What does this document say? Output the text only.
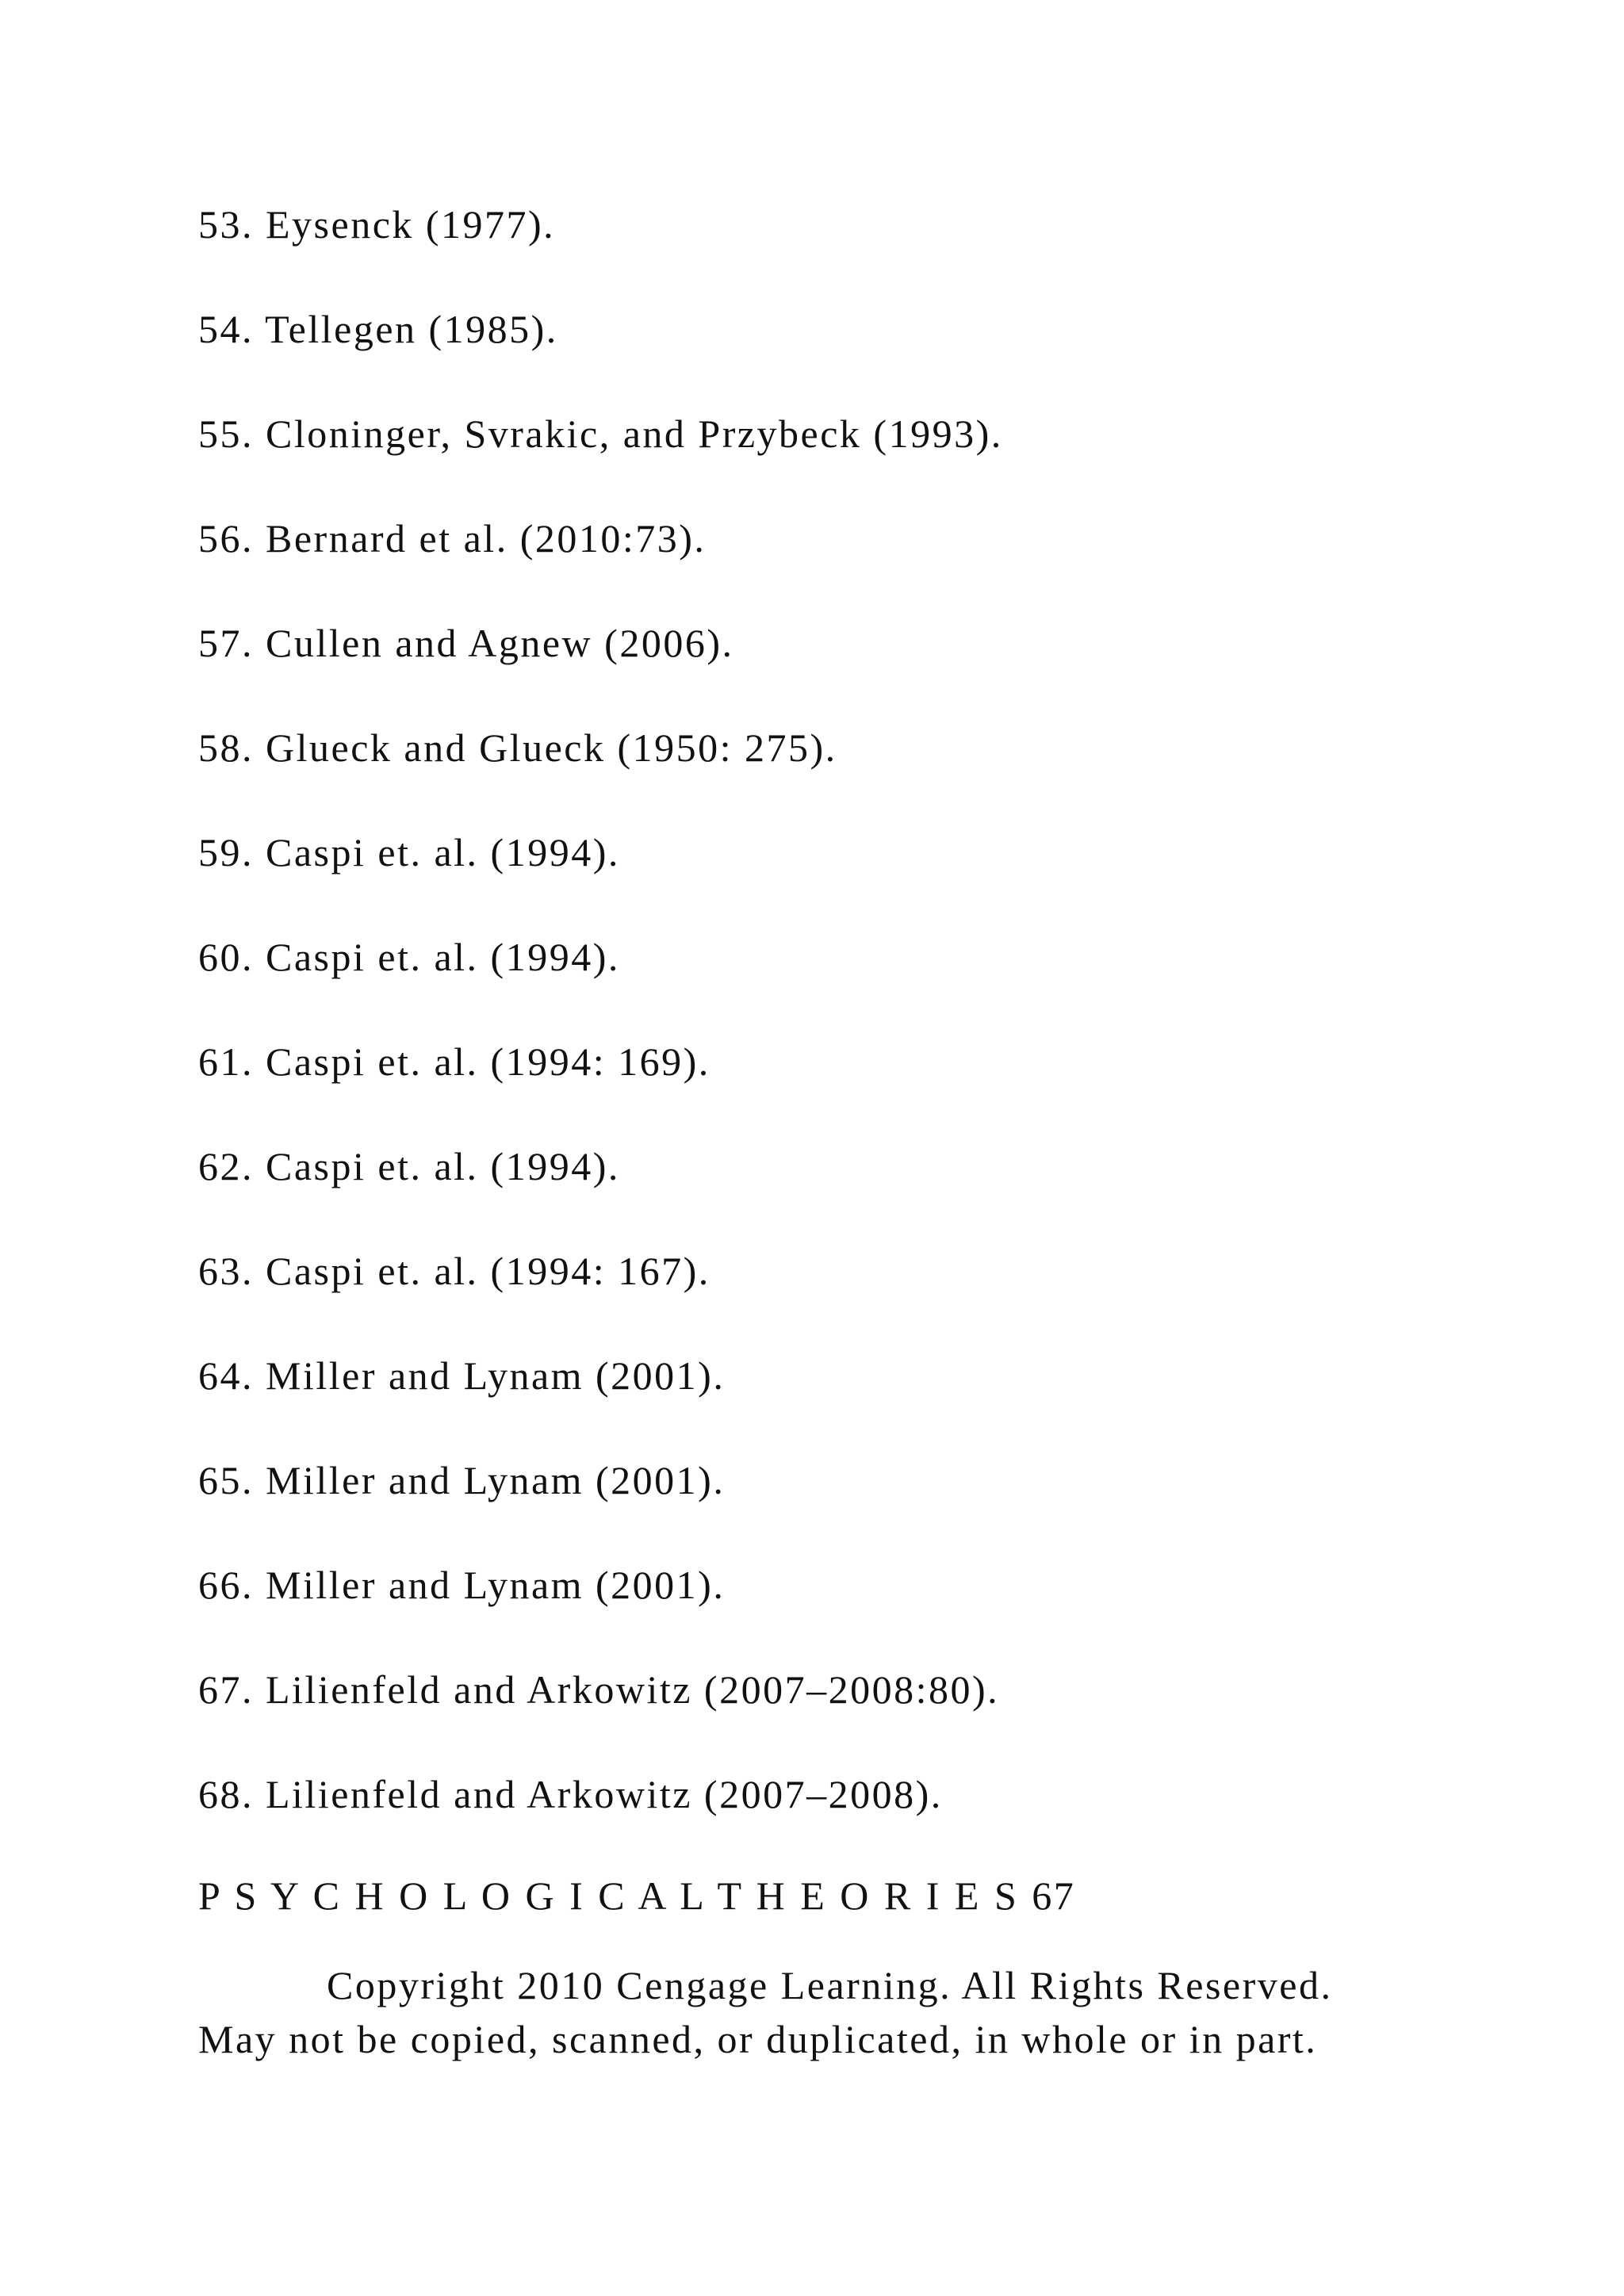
53. Eysenck (1977).
54. Tellegen (1985).
55. Cloninger, Svrakic, and Przybeck (1993).
56. Bernard et al. (2010:73).
57. Cullen and Agnew (2006).
58. Glueck and Glueck (1950: 275).
59. Caspi et. al. (1994).
60. Caspi et. al. (1994).
61. Caspi et. al. (1994: 169).
62. Caspi et. al. (1994).
63. Caspi et. al. (1994: 167).
64. Miller and Lynam (2001).
65. Miller and Lynam (2001).
66. Miller and Lynam (2001).
67. Lilienfeld and Arkowitz (2007–2008:80).
68. Lilienfeld and Arkowitz (2007–2008).
P S Y C H O L O G I C A L T H E O R I E S 67
Copyright 2010 Cengage Learning. All Rights Reserved.
May not be copied, scanned, or duplicated, in whole or in part.
